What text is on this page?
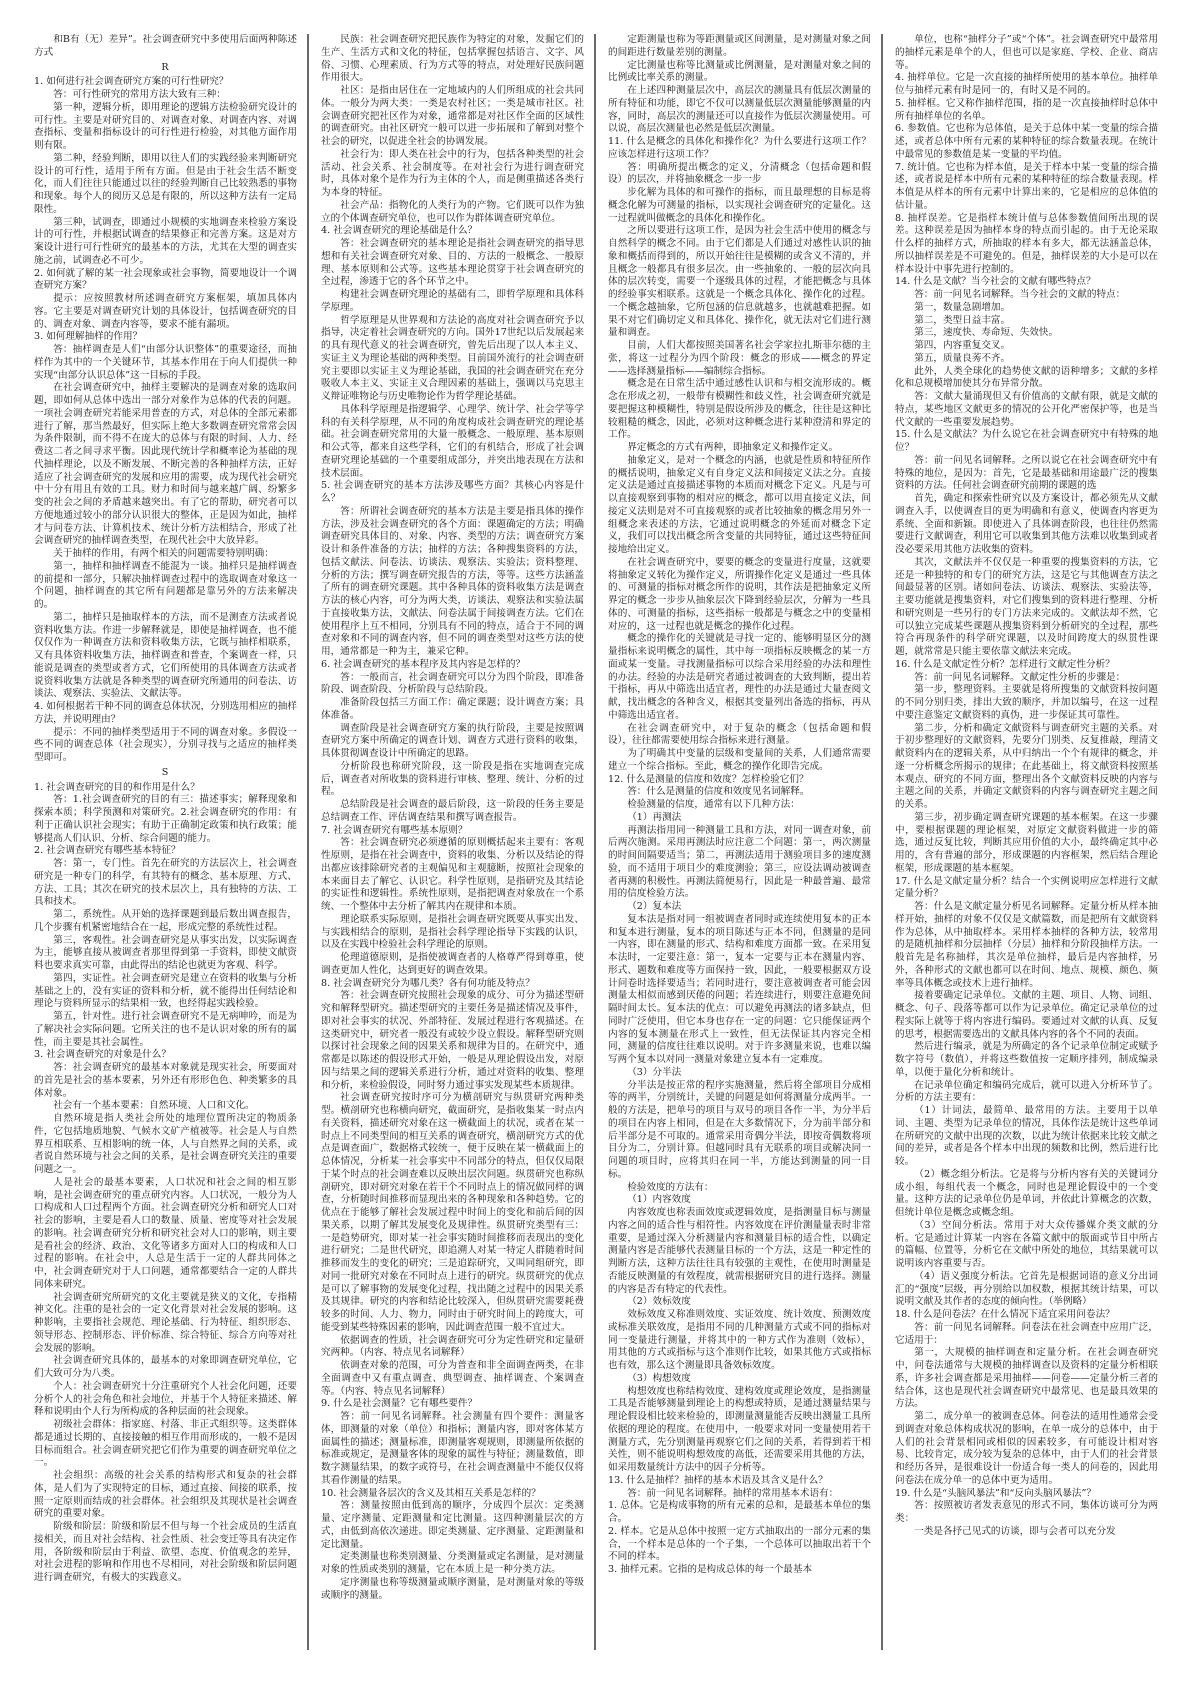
和B有（无）差异”。社会调查研究中多使用后面两种陈述方式

R

1. 如何进行社会调查研究方案的可行性研究？

答：可行性研究的常用方法大致有三种：

第一种，逻辑分析，即用理论的逻辑方法检验研究设计的可行性。主要是对研究目的、对调查对象、对调查内容、对调查指标、变量和指标设计的可行性进行检验，对其他方面作用则有限。

第二种，经验判断，即用以往人们的实践经验来判断研究设计的可行性，适用于所有方面。但是由于社会生活不断变化，而人们往往只能通过以往的经验判断自己比较熟悉的事物和现象。每个人的阅历又总是有限的，所以这种方法有一定局限性。

第三种，试调查，即通过小规模的实地调查来检验方案设计的可行性，并根据试调查的结果修正和完善方案。这是对方案设计进行可行性研究的最基本的方法，尤其在大型的调查实施之前，试调查必不可少。

2. 如何就了解的某一社会现象或社会事物，简要地设计一个调查研究方案？

提示：应按照教材所述调查研究方案框架，填加具体内容。它主要是对调查研究计划的具体设计，包括调查研究的目的、调查对象、调查内容等，要求不能有漏项。

3. 如何理解抽样的作用？

答：抽样调查是人们“由部分认识整体”的重要途径，而抽样作为其中的一个关键环节，其基本作用在于向人们提供一种实现“由部分认识总体”这一目标的手段。

在社会调查研究中，抽样主要解决的是调查对象的选取问题，即如何从总体中选出一部分对象作为总体的代表的问题。一项社会调查研究若能采用普查的方式，对总体的全部元素都进行了解，那当然最好，但实际上绝大多数调查研究常常会因为条件限制，而不得不在庞大的总体与有限的时间、人力、经费这二者之间寻求平衡。因此现代统计学和概率论为基础的现代抽样理论，以及不断发展、不断完善的各种抽样方法，正好适应了社会调查研究的发展和应用的需要，成为现代社会研究中十分有用且有效的工具。财力和时间与越来越广阔、纷繁多变的社会之间的矛盾越来越突出。有了它的帮助，研究者可以方便地通过较小的部分认识很大的整体，正是因为如此，抽样才与问卷方法、计算机技术、统计分析方法相结合，形成了社会调查研究的抽样调查类型，在现代社会中大放异彩。

关于抽样的作用，有两个相关的问题需要特别明确：

第一，抽样和抽样调查不能混为一谈。抽样只是抽样调查的前提和一部分，只解决抽样调查过程中的选取调查对象这一个问题，抽样调查的其它所有问题都是靠另外的方法来解决的。

第二，抽样只是抽取样本的方法，而不是测查方法或者说资料收集方法。作进一步解释就是，即使是抽样调查，也不能仅仅作为一种调查方法和资料收集方法，它既与抽样相联系，又有具体资料收集方法，抽样调查和普查，个案调查一样，只能说是调查的类型或者方式，它们所使用的具体调查方法或者说资料收集方法就是各种类型的调查研究所通用的问卷法、访谈法、观察法、实验法、文献法等。

4. 如何根据若干种不同的调查总体状况，分别选用相应的抽样方法，并说明理由？

提示：不同的抽样类型适用于不同的调查对象。多假设一些不同的调查总体（社会现实），分别寻找与之适应的抽样类型即可。

S

1. 社会调查研究的目的和作用是什么？

答：1.社会调查研究的目的有三：描述事实；解释现象和探索本质；科学预测和对策研究。2.社会调查研究的作用：有利于正确认识社会现实；有助于正确制定政策和执行政策；能够提高人们认识、分析、综合问题的能力。

2. 社会调查研究有哪些基本特征？

答：第一，专门性。首先在研究的方法层次上，社会调查研究是一种专门的科学，有其特有的概念、基本原理、方式、方法、工具；其次在研究的技术层次上，具有独特的方法、工具和技术。

第二，系统性。从开始的选择课题到最后数出调查报告，几个步骤有机紧密地结合在一起，形成完整的系统性过程。

第三，客观性。社会调查研究是从事实出发，以实际调查为主，能够直接从被调查者那里得到第一手资料，即使文献资料也要求真实可靠，由此得出的结论也就更为客观、科学。

第四，实证性。社会调查研究是建立在资料的收集与分析基础之上的，没有实证的资料和分析，就不能得出任何结论和理论与资料所显示的结果相一致，也经得起实践检验。

第五，针对性。进行社会调查研究不是无病呻吟，而是为了解决社会实际问题。它所关注的也不是认识对象的所有的属性，而主要是其社会属性。

3. 社会调查研究的对象是什么？

答：社会调查研究的最基本对象就是现实社会，所要面对的首先是社会的基本要素，另外还有形形色色、种类繁多的具体对象。

社会有一个基本要素：自然环境、人口和文化。

自然环境是指人类社会所处的地理位置所决定的物质条件，它包括地质地貌、气候水文矿产植被等。社会是人与自然界互相联系、互相影响的统一体，人与自然界之间的关系，或者说自然环境与社会之间的关系，是社会调查研究关注的重要问题之一。

人是社会的最基本要素，人口状况和社会之间的相互影响，是社会调查研究的重点研究内容。人口状况，一般分为人口构成和人口过程两个方面。社会调查研究分析和研究人口对社会的影响，主要是看人口的数量、质量、密度等对社会发展的影响。社会调查研究分析和研究社会对人口的影响，则主要是看社会的经济、政治、文化等诸多方面对人口的构成和人口过程的影响。在社会中，人总是生活于一定的人群共同体之中，社会调查研究对于人口问题，通常都要结合一定的人群共同体来研究。

社会调查研究所研究的文化主要就是狭义的文化，专指精神文化。注重的是社会的一定文化背景对社会发展的影响。这种影响，主要指社会规范、理论基础、行为特征、组织形态、领导形态、控制形态、评价标准、综合特征、综合方向等对社会发展的影响。

社会调查研究具体的，最基本的对象即调查研究单位，它们大致可分为八类。

个人：社会调查研究十分注重研究个人社会化问题，还要分析个人的社会角色和社会地位，并基于个人特征来描述、解释和说明由个人行为所构成的各种层面的社会现象。

初级社会群体：指家庭、村落、非正式组织等。这类群体都是通过长期的、直接接触的相互作用而形成的，一般不是因目标而组合。社会调查研究把它们作为重要的调查研究单位之一。

社会组织：高级的社会关系的结构形式和复杂的社会群体，是人们为了实现特定的目标，通过直接、间接的联系，按照一定原则而结成的社会群体。社会组织及其现状是社会调查研究的重要对象。

阶级和阶层：阶级和阶层不但与每一个社会成员的生活直接相关，而且对社会结构、社会性质、社会变迁等具有决定作用，各阶级和阶层由于利益、欲望、态度、价值观念的差异，对社会进程的影响和作用也不尽相同，对社会阶级和阶层问题进行调查研究，有极大的实践意义。

民族：社会调查研究把民族作为特定的对象，发掘它们的生产、生活方式和文化的特征，包括掌握包括语言、文字、风俗、习惯、心理素质、行为方式等的特点，对处理好民族问题作用很大。

社区：是指由居住在一定地域内的人们所组成的社会共同体。一般分为两大类：一类是农村社区；一类是城市社区。社会调查研究把社区作为对象，通常都是对社区作全面的区域性的调查研究。由社区研究一般可以进一步拓展和了解到对整个社会的研究，以促进全社会的协调发展。

社会行为：即人类在社会中的行为，包括各种类型的社会活动、社会关系、社会制度等。在对社会行为进行调查研究时，具体对象个是作为行为主体的个人，而是侧重描述各类行为本身的特征。

社会产品：指物化的人类行为的产物。它们既可以作为独立的个体调查研究单位，也可以作为群体调查研究单位。

4. 社会调查研究的理论基础是什么？

答：社会调查研究的基本理论是指社会调查研究的指导思想和有关社会调查研究对象、目的、方法的一般概念、一般原理、基本原则和公式等。这些基本理论贯穿于社会调查研究的全过程，渗透于它的各个环节之中。

构建社会调查研究理论的基础有二，即哲学原理和具体科学原理。

哲学原理是从世界观和方法论的高度对社会调查研究予以指导，决定着社会调查研究的方向。国外17世纪以后发展起来的具有现代意义的社会调查研究，曾先后出现了以人本主义、实证主义为理论基础的两种类型。目前国外流行的社会调查研究主要即以实证主义为理论基础，我国的社会调查研究在充分吸收人本主义、实证主义合理因素的基础上，强调以马克思主义辩证唯物论与历史唯物论作为哲学理论基础。

具体科学原理是指逻辑学、心理学、统计学、社会学等学科的有关科学原理，从不同的角度构成社会调查研究的理论基础。社会调查研究常用的大量一般概念、一般原理、基本原则和公式等，都来自这些学科，它们的有机结合，形成了社会调查研究理论基础的一个重要组成部分，并突出地表现在方法和技术层面。

5. 社会调查研究的基本方法涉及哪些方面？其核心内容是什么？

答：所谓社会调查研究的基本方法是主要是指具体的操作方法，涉及社会调查研究的各个方面：课题确定的方法；明确调查研究具体目的、对象、内容、类型的方法；调查研究方案设计和条件准备的方法；抽样的方法；各种搜集资料的方法，包括文献法、问卷法、访谈法、观察法、实验法；资料整理、分析的方法；撰写调查研究报告的方法，等等。这些方法涵盖了所有的调查研究课题。其中各种具体的资料收集方法是调查方法的核心内容，可分为两大类，访谈法、观察法和实验法属于直接收集方法，文献法、问卷法属于间接调查方法。它们在使用程序上互不相同，分别具有不同的特点，适合于不同的调查对象和不同的调查内容，但不同的调查类型对这些方法的使用，通常都是一种为主，兼采它种。

6. 社会调查研究的基本程序及其内容是怎样的？

答：一般而言，社会调查研究可以分为四个阶段，即准备阶段、调查阶段、分析阶段与总结阶段。

准备阶段包括三方面工作：确定课题；设计调查方案；具体准备。

调查阶段是社会调查研究方案的执行阶段，主要是按照调查研究方案中所确定的调查计划、调查方式进行资料的收集，具体贯彻调查设计中所确定的思路。

分析阶段也称研究阶段，这一阶段是指在实地调查完成后，调查者对所收集的资料进行审核、整理、统计、分析的过程。

总结阶段是社会调查的最后阶段，这一阶段的任务主要是总结调查工作、评估调查结果和撰写调查报告。

7. 社会调查研究有哪些基本原则？

答：社会调查研究必须遵循的原则概括起来主要有：客观性原则，是指在社会调查中，资料的收集、分析以及结论的得出都应该排除研究者的主观偏见和主观臆断，按照社会现象的本来面目去了解它、认识它。科学性原则，是指研究及其结论的实证性和逻辑性。系统性原则，是指把调查对象放在一个系统、一个整体中去分析了解其内在规律和本质。

理论联系实际原则，是指社会调查研究既要从事实出发、与实践相结合的原则，是指社会科学理论指导下实践的认识，以及在实践中检验社会科学理论的原则。

伦理道德原则，是指使被调查者的人格尊严得到尊重，使调查更加人性化，达到更好的调查效果。

8. 社会调查研究分为哪几类？各有何功能及特点？

答：社会调查研究按照社会现象的成分、可分为描述型研究和解释型研究。描述型研究的主要任务是描述情况及事件，即对社会事实的状况、外部特征、发展过程进行客观描述。在这类研究中，研究者一般没有或较少设立假设。解释型研究则以探讨社会现象之间的因果关系和规律为目的。在研究中，通常都是以陈述的假设形式开始，一般是从理论假设出发，对原因与结果之间的逻辑关系进行分析，通过对资料的收集、整理和分析，来检验假设，同时努力通过事实发现某些本质规律。

社会调查研究按时序可分为横剖研究与纵贯研究两种类型。横剖研究也称横向研究，截面研究，是指收集某一时点内有关资料，描述研究对象在这一横截面上的状况，或者在某一时点上不同类型间的相互关系的调查研究，横剖研究方式的优点是调查面广，数据格式较统一，便于反映在某一横截面上的总体情况，分析某一社会事实中不同部分的特点，但仅仅局限于某个时点的社会调查难以反映出层次问题。纵贯研究也称纵剖研究，即对研究对象在若干个不同时点上的情况做同样的调查，分析随时间推移而显现出来的各种现象和各种趋势。它的优点在于能够了解社会发展过程中时间上的变化和前后间的因果关系，以期了解其发展变化及规律性。纵贯研究类型有三：一是趋势研究，即对某一社会事实随时间推移而表现出的变化进行研究；二是世代研究，即追溯人对某一特定人群随着时间推移而发生的变化的研究；三是追踪研究，又叫同组研究，即对同一批研究对象在不同时点上进行的研究。纵贯研究的优点是可以了解事物的发展变化过程，找出随之过程中的因果关系及其规律。研究的内容和结论比较深入，但纵贯研究需要耗费较多的时间、人力、物力，同时由于研究时间上的跨度大，可能受到某些特殊因素的影响，因此调查范围一般不宜过大。

依据调查的性质，社会调查研究可分为定性研究和定量研究两种。（内容、特点见名词解释）

依调查对象的范围，可分为普查和非全面调查两类，在非全面调查中又有重点调查、典型调查、抽样调查、个案调查等。（内容、特点见名词解释）

9. 什么是社会测量？它有哪些要件？

答：前一问见名词解释。社会测量有四个要件：测量客体，即测量的对象（单位）和指标；测量内容，即对客体某方面属性的描述；测量标准，即测量客观规则，即测量所依据的标准或规定，是测量客体的现象的属性与特征；测量数值，即数字测量结果，的数字或符号，在社会调查测量中不能仅仅将其看作测量的结果。

10. 社会测量各层次的含义及其相互关系是怎样的？

答：测量按照由低到高的顺序，分成四个层次：定类测量、定序测量、定距测量和定比测量。这四种测量层次的方式，由低到高依次递进。即定类测量、定序测量、定距测量和定比测量。

定类测量也称类别测量、分类测量或定名测量，是对测量对象的性质或类别的测量，它在本质上是一种分类方法。

定序测量也称等级测量或顺序测量，是对测量对象的等级或顺序的测量。

定距测量也称为等距测量或区间测量，是对测量对象之间的间距进行数量差别的测量。

定比测量也称等比测量或比例测量，是对测量对象之间的比例或比率关系的测量。

在上述四种测量层次中，高层次的测量具有低层次测量的所有特征和功能，即它不仅可以测量低层次测量能够测量的内容，同时，高层次的测量还可以直接作为低层次测量使用。可以说，高层次测量也必然是低层次测量。

11. 什么是概念的具体化和操作化？为什么要进行这项工作？应该怎样进行这项工作？

答：明确所提出概念的定义，分清概念（包括命题和假设）的层次，并将抽象概念一步一步

步化解为具体的和可操作的指标，而且最理想的目标是将概念化解为可测量的指标，以实现社会调查研究的定量化。这一过程就叫做概念的具体化和操作化。

之所以要进行这项工作，是因为社会生活中使用的概念与自然科学的概念不同。由于它们都是人们通过对感性认识的抽象和概括而得到的，所以开始往往是模糊的或含义不清的，并且概念一般都具有很多层次。由一些抽象的、一般的层次向具体的层次转变，需要一个逐级具体的过程，才能把概念与具体的经验事实相联系。这就是一个概念具体化、操作化的过程。一个概念越抽象，它所包涵的信息就越多，也就越难把握。如果不对它们确切定义和具体化、操作化，就无法对它们进行测量和调查。

目前，人们大都按照美国著名社会学家拉扎斯菲尔德的主张，将这一过程分为四个阶段：概念的形成——概念的界定——选择测量指标——编制综合指标。

概念是在日常生活中通过感性认识和与相交流形成的。概念在形成之初，一般带有模糊性和歧义性，社会调查研究就是要把握这种模糊性，特别是假设所涉及的概念，往往是这种比较粗糙的概念，因此，必须对这种概念进行某种澄清和界定的工作。

界定概念的方式有两种，即抽象定义和操作定义。

抽象定义，是对一个概念的内涵，也就是性质和特征所作的概括说明，抽象定义有自身定义法和间接定义法之分。直接定义法是通过直接描述事物的本质而对概念下定义。凡是与可以直接观察到事物的相对应的概念，都可以用直接定义法，间接定义法则是对不可直接观察的或者比较抽象的概念用另外一组概念来表述的方法，它通过说明概念的外延而对概念下定义，我们可以找出概念所含变量的共同特征，通过这些特征间接地给出定义。

在社会调查研究中，要要的概念的变量进行度量，这就要将抽象定义转化为操作定义，所谓操作化定义是通过一些具体的、可测量的指标对概念所作的说明，其作法是把抽象定义所界定的概念一步步从抽象层次下降到经验层次，分解为一些具体的、可测量的指标，这些指标一般都是与概念之中的变量相对应的，这一过程也就是概念的操作化过程。

概念的操作化的关键就是寻找一定的、能够明显区分的测量指标来说明概念的属性，其中每一项指标反映概念的某一方面或某一变量。寻找测量指标可以综合采用经验的办法和理性的办法。经验的办法是研究者通过被调查的大致判断，提出若干指标，再从中筛选出适宜者，理性的办法是通过大量查阅文献，找出概念的各种含义，根据其变量列出备选的指标，再从中筛选出适宜者。

在社会调查研究中，对于复杂的概念（包括命题和假设），往往都需要使用综合指标来进行测量。

为了明确其中变量的层级和变量间的关系，人们通常需要建立一个综合指标。至此，概念的操作化即告完成。

12. 什么是测量的信度和效度？怎样检验它们？

答：什么是测量的信度和效度见名词解释。

检验测量的信度，通常有以下几种方法：

（1）再测法

再测法指用同一种测量工具和方法，对同一调查对象，前后两次施测。采用再测法时应注意二个问题：第一，两次测量的时间间隔要适当；第二，再测法适用于测验项目多的速度测验，而不适用于项目少的难度测验；第三，应设法调动被调查者再测的积极性。再测法简便易行，因此是一种最普遍、最常用的信度检验方法。

（2）复本法

复本法是指对同一组被调查者同时或连续使用复本的正本和复本进行测量，复本的项目陈述与正本不同，但测量的是同一内容，即在测量的形式、结构和难度方面都一致。在采用复本法时，一定要注意：第一，复本一定要与正本在测量内容、形式、题数和难度等方面保持一致，因此，一般要根据双方设计问卷时选择要适当；若同时进行，要注意被调查者可能会因测量太相似而感到厌倦的问题；若连续进行，则要注意避免间隔时间太长。复本法的优点：可以避免再测法的诸多缺点，但同时广泛使用，但它本身也存在一定的问题：它只能保证两个内容的复本测量在形式上一致性，但无法保证其内容完全相同，测量的信度往往难以说明。对于许多测量来说，也难以编写两个复本以对同一测量对象建立复本有一定难度。

（3）分半法

分半法是按正常的程序实施测量，然后将全部项目分成相等的两半，分别统计，关键的问题是如何将测量分成两半。一般的方法是，把单号的项目与双号的项目各作一半，为分半后的项目在内容上相同，但是在大多数情况下，分为前半部分和后半部分是不可取的。通常采用奇偶分半法，即按奇偶数将项目分为二，分别计算。但越同时具有无联系的项目或解决同一问题的项目时，应将其归在同一半，方能达到测量的同一目标。

检验效度的方法有：

（1）内容效度

内容效度也称表面效度或逻辑效度，是指测量目标与测量内容之间的适合性与相符性。内容效度在评价测量量表时非常重要，是通过深入分析测量内容和测量目标的适合性，以确定测量内容是否能够代表测量目标的一个方法，这是一种定性的判断方法，这种方法往往具有较强的主观性，在使用时测量是否能反映测量的有效程度，就需根据研究目的进行选择。测量的内容是否有特定的代表性。

（2）效标效度

效标效度又称准则效度、实证效度、统计效度、预测效度或标准关联效度，是指用不同的几种测量方式或不同的指标对同一变量进行测量，并将其中的一种方式作为准则（效标），用其他的方式或指标与这个准则作比较，如果其他方式或指标也有效，那么这个测量即具备效标效度。

（3）构想效度

构想效度也称结构效度、建构效度或理论效度，是指测量工具是否能够测量到理论上的构想或特质，是通过测量结果与理论假设相比较来检验的，即测量测量能否反映出测量工具所依据的理论的程度。在使用中，一般要求对同一变量使用若干测量方式，先分别测量再观察它们之间的关系，若得到若干相关性，则不能说明构想效度的高低，还需要采用其他的方法，如采用数量统计方法中的因子分析等。

13. 什么是抽样？抽样的基本术语及其含义是什么？

答：前一问见名词解释。抽样的常用基本术语有：

1. 总体。它是构成事物的所有元素的总和，是最基本单位的集合。

2. 样本。它是从总体中按照一定方式抽取出的一部分元素的集合，一个样本是总体的一个子集，一个总体可以抽取出若干个不同的样本。

3. 抽样元素。它指的是构成总体的每一个最基本

单位，也称“抽样分子”或“个体”。社会调查研究中最常用的抽样元素是单个的人，但也可以是家庭、学校、企业、商店等。

4. 抽样单位。它是一次直接的抽样所使用的基本单位。抽样单位与抽样元素有时是同一的，有时又是不同的。

5. 抽样框。它又称作抽样范围，指的是一次直接抽样时总体中所有抽样单位的名单。

6. 参数值。它也称为总体值，是关于总体中某一变量的综合描述，或者总体中所有元素的某种特征的综合数量表现。在统计中最常见的参数值是某一变量的平均值。

7. 统计值。它也称为样本值，是关于样本中某一变量的综合描述，或者说是样本中所有元素的某种特征的综合数量表现。样本值是从样本的所有元素中计算出来的，它是相应的总体值的估计量。

8. 抽样误差。它是指样本统计值与总体参数值间所出现的误差。这种误差是因为抽样本身的特点而引起的。由于无论采取什么样的抽样方式，所抽取的样本有多大，都无法涵盖总体，所以抽样误差是不可避免的。但是，抽样误差的大小是可以在样本设计中事先进行控制的。

14. 什么是文献？当今社会的文献有哪些特点？

答：前一问见名词解释。当今社会的文献的特点：

第一，数量急剧增加。

第二，类型日益丰富。

第三，速度快、寿命短、失效快。

第四，内容重复交叉。

第五，质量良莠不齐。

此外，人类全球化的趋势使文献的语种增多；文献的多样化和总规模增加使其分布异常分散。

答：文献大量涌现但又有价值高的文献有限，就是文献的特点，某些地区文献更多的情况的公开化严密保护等，也是当代文献的一些重要发展趋势。

15. 什么是文献法？为什么说它在社会调查研究中有特殊的地位？

答：前一问见名词解释。之所以说它在社会调查研究中有特殊的地位，是因为：首先，它是最基础和用途最广泛的搜集资料的方法。任何社会调查研究前期的课题的选

首先，确定和探索性研究以及方案设计，都必须先从文献调查入手，以使调查目的更为明确和有意义，使调查内容更为系统、全面和新颖。即使进入了具体调查阶段，也往往仍然需要进行文献调查，利用它可以收集到其他方法难以收集到或者没必要采用其他方法收集的资料。

其次，文献法并不仅仅是一种重要的搜集资料的方法，它还是一种独特的和专门的研究方法，这是它与其他调查方法之间最显著的区别。诸如问卷法、访谈法、观察法、实验法等，主要功能就是搜集资料，对它们搜集到的资料进行整理、分析和研究则是一些另行的专门方法来完成的。文献法却不然，它可以独立完成某些课题从搜集资料到分析研究的全过程，那些符合再现条件的科学研究课题，以及时间跨度大的纵贯性课题，就常常是只能主要依靠文献法来完成。

16. 什么是文献定性分析？怎样进行文献定性分析？

答：前一问见名词解释。文献定性分析的步骤是：

第一步，整理资料。主要就是将所搜集的文献资料按问题的不同分别归类，排出大致的顺序，并加以编号，在这一过程中要注意鉴定文献资料的真伪，进一步保证其可靠性。

第二步，分析和确定文献资料与调查研究主题的关系。对于初步整理好的文献资料，先要分门别类、反复推敲，理清文献资料内在的逻辑关系，从中归纳出一个个有规律的概念，并逐一分析概念所揭示的规律；在此基础上，将文献资料按照基本观点、研究的不同方面，整理出各个文献资料反映的内容与主题之间的关系，并确定文献资料的内容与调查研究主题之间的关系。

第三步，初步确定调查研究课题的基本框架。在这一步骤中，要根据课题的理论框架，对原定文献资料做进一步的筛选，通过反复比较，判断其应用价值的大小，最终确定其中必用的，含有普遍的部分，形成课题的内容框架，然后结合理论框架，形成课题的基本框架。

17. 什么是文献定量分析？结合一个实例说明应怎样进行文献定量分析？

答：什么是文献定量分析见名词解释。定量分析从样本抽样开始，抽样的对象不仅仅是文献篇数，而是把所有文献资料作为总体，从中抽取样本。采用样本抽样的各种方法，较常用的是随机抽样和分层抽样（分层）抽样和分阶段抽样方法。一般首先是名称抽样，其次是单位抽样，最后是内容抽样，另外，各种形式的文献也都可以在时间、地点、规模、颜色、频率等具体概念或技术上进行抽样。

接着要确定记录单位。文献的主题、项目、人物、词组、概念、句子、段落等都可以作为记录单位。确定记录单位的过程实际上就等于将内容进行编码。要通过对文献的认真、反复的思考，根据需要选出的文献具体内容的各个不同的表面。

然后进行编录，就是为所确定的各个记录单位制定或赋予数字符号（数值），并将这些数值按一定顺序排列，制成编录单，以便于量化分析和统计。

在记录单位确定和编码完成后，就可以进入分析环节了。分析的方法主要有：

（1）计词法，最简单、最常用的方法。主要用于以单词、主题、类型为记录单位的情况，具体作法是统计这些单词在所研究的文献中出现的次数，以此为统计依据来比较文献之间的差异，或者是各个样本中出现的频数和比例，然后进行比较。

（2）概念组分析法。它是将与分析内容有关的关键词分成小组，每组代表一个概念，同时也是理论假设中的一个变量。这种方法的记录单位仍是单词，并依此计算概念的次数，但统计单位是概念或概念组。

（3）空间分析法。常用于对大众传播媒介类文献的分析。它是通过计算某一内容在各篇文献中的版面或节目中所占的篇幅、位置等，分析它在文献中所处的地位，其结果就可以说明该内容重要与否。

（4）语义强度分析法。它首先是根据词语的意义分出词汇的“强度”层级，再分别给以加权数，根据其统计结果，可以说明文献及其作者的态度的倾向性。（举例略）

18. 什么是问卷法？在什么情况下适宜采用问卷法？

答：前一问见名词解释。问卷法在社会调查中应用广泛，它适用于：

第一，大规模的抽样调查和定量分析。在社会调查研究中，问卷法通常与大规模的抽样调查以及资料的定量分析相联系，许多社会调查都是采用抽样——问卷——定量分析三者的结合体，这也是现代社会调查研究中最常见、也是最具效果的方法。

第二，成分单一的被调查总体。问卷法的适用性通常会受到调查对象总体构成状况的影响，在单一成分的总体中，由于人们的社会背景相同或相似的因素较多，有可能设计相对容易、比较肯定，成分较为复杂的总体中，由于人们的社会背景和经历各异，是很难设计一份适合每一类人的问卷的，因此用问卷法在成分单一的总体中更为适用。

19. 什么是“头脑风暴法”和“反向头脑风暴法”？

答：按照被访者发表意见的形式不同，集体访谈可分为两类：

一类是各抒己见式的访谈，即与会者可以充分发
